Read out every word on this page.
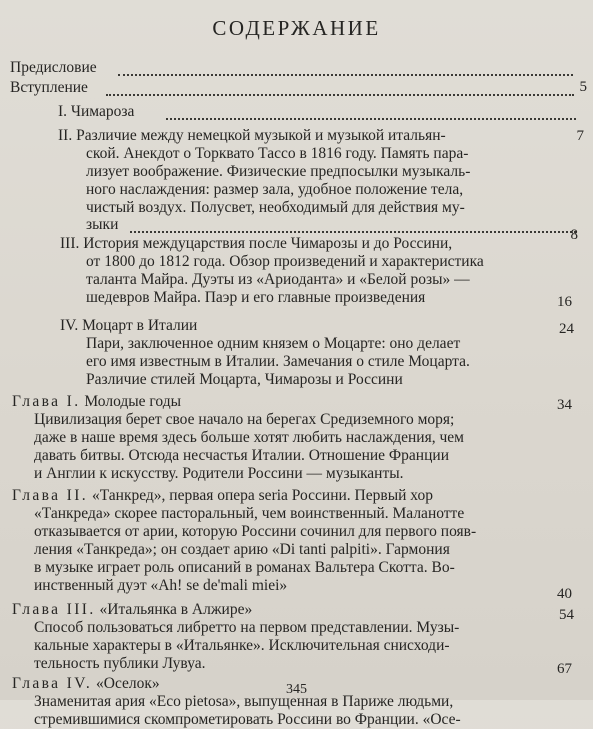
СОДЕРЖАНИЕ
Предисловие
Вступление	5
I. Чимароза
II. Различие между немецкой музыкой и музыкой итальян-	7
ской. Анекдот о Торквато Тассо в 1816 году. Память пара-
лизует воображение. Физические предпосылки музыкаль-
ного наслаждения: размер зала, удобное положение тела,
чистый воздух. Полусвет, необходимый для действия му-
зыки
III. История междуцарствия после Чимарозы и до Россини,	8
от 1800 до 1812 года. Обзор произведений и характеристика
таланта Майра. Дуэты из «Ариоданта» и «Белой розы» —
шедевров Майра. Паэр и его главные произведения	16
IV. Моцарт в Италии	24
Пари, заключенное одним князем о Моцарте: оно делает
его имя известным в Италии. Замечания о стиле Моцарта.
Различие стилей Моцарта, Чимарозы и Россини
Глава I. Молодые годы	34
Цивилизация берет свое начало на берегах Средиземного моря;
даже в наше время здесь больше хотят любить наслаждения, чем
давать битвы. Отсюда несчастья Италии. Отношение Франции
и Англии к искусству. Родители Россини — музыканты.
Глава II. «Танкред», первая опера seria Россини. Первый хор
«Танкреда» скорее пасторальный, чем воинственный. Маланотте
отказывается от арии, которую Россини сочинил для первого появ-
ления «Танкреда»; он создает арию «Di tanti palpiti». Гармония
в музыке играет роль описаний в романах Вальтера Скотта. Во-
инственный дуэт «Ah! se de'mali miei»	40
Глава III. «Итальянка в Алжире»	54
Способ пользоваться либретто на первом представлении. Музы-
кальные характеры в «Итальянке». Исключительная снисходи-
тельность публики Лувуа.	67
Глава IV. «Оселок»
Знаменитая ария «Eco pietosa», выпущенная в Париже людьми,
стремившимися скомпрометировать Россини во Франции. «Осе-
345
